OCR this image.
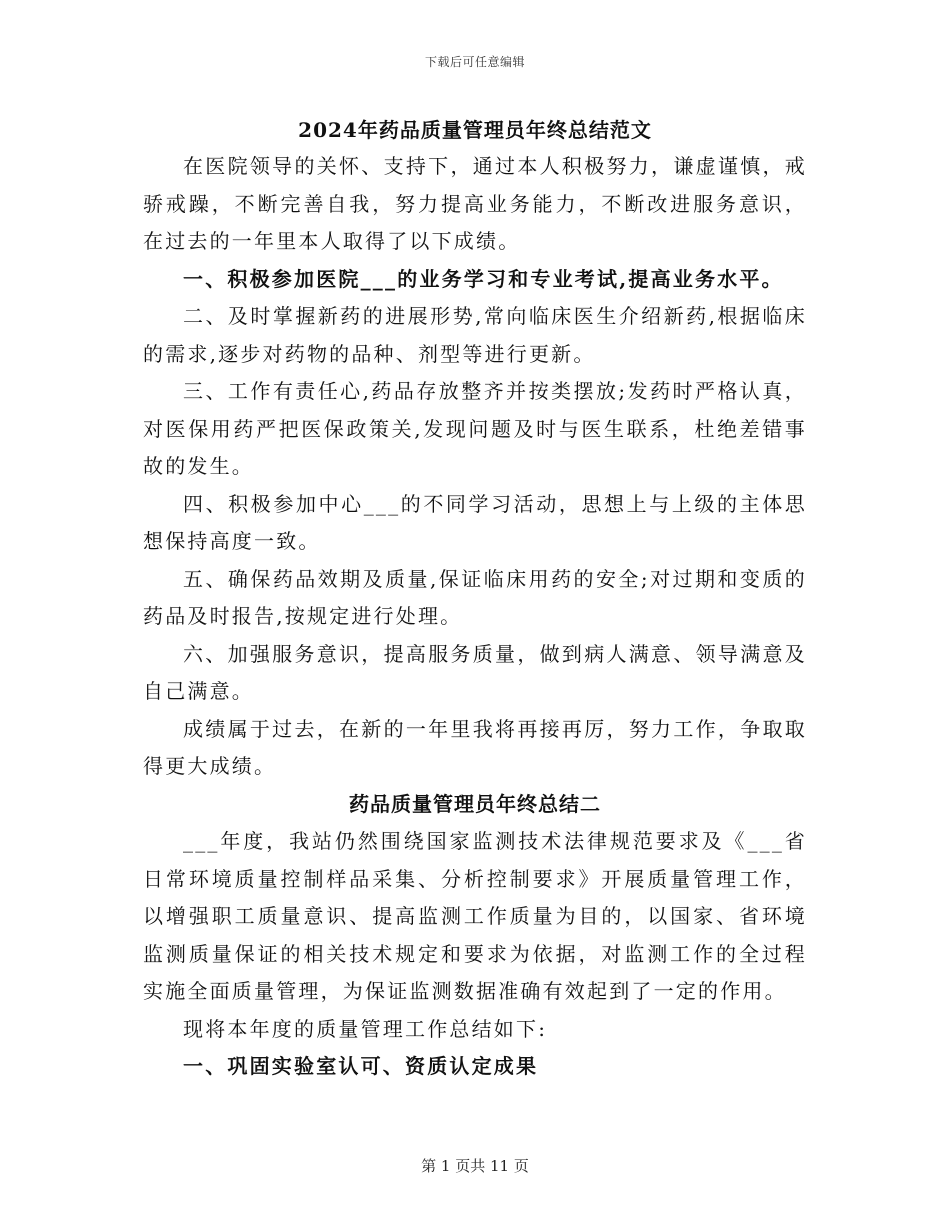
下载后可任意编辑
2024年药品质量管理员年终总结范文

在医院领导的关怀、支持下，通过本人积极努力，谦虚谨慎，戒骄戒躁，不断完善自我，努力提高业务能力，不断改进服务意识，在过去的一年里本人取得了以下成绩。

一、积极参加医院___的业务学习和专业考试,提高业务水平。

二、及时掌握新药的进展形势,常向临床医生介绍新药,根据临床的需求,逐步对药物的品种、剂型等进行更新。

三、工作有责任心,药品存放整齐并按类摆放;发药时严格认真，对医保用药严把医保政策关,发现问题及时与医生联系，杜绝差错事故的发生。

四、积极参加中心___的不同学习活动，思想上与上级的主体思想保持高度一致。

五、确保药品效期及质量,保证临床用药的安全;对过期和变质的药品及时报告,按规定进行处理。

六、加强服务意识，提高服务质量，做到病人满意、领导满意及自己满意。

成绩属于过去，在新的一年里我将再接再厉，努力工作，争取取得更大成绩。

药品质量管理员年终总结二

___年度，我站仍然围绕国家监测技术法律规范要求及《___省日常环境质量控制样品采集、分析控制要求》开展质量管理工作，以增强职工质量意识、提高监测工作质量为目的，以国家、省环境监测质量保证的相关技术规定和要求为依据，对监测工作的全过程实施全面质量管理，为保证监测数据准确有效起到了一定的作用。

现将本年度的质量管理工作总结如下:

一、巩固实验室认可、资质认定成果

第 1 页共 11 页
